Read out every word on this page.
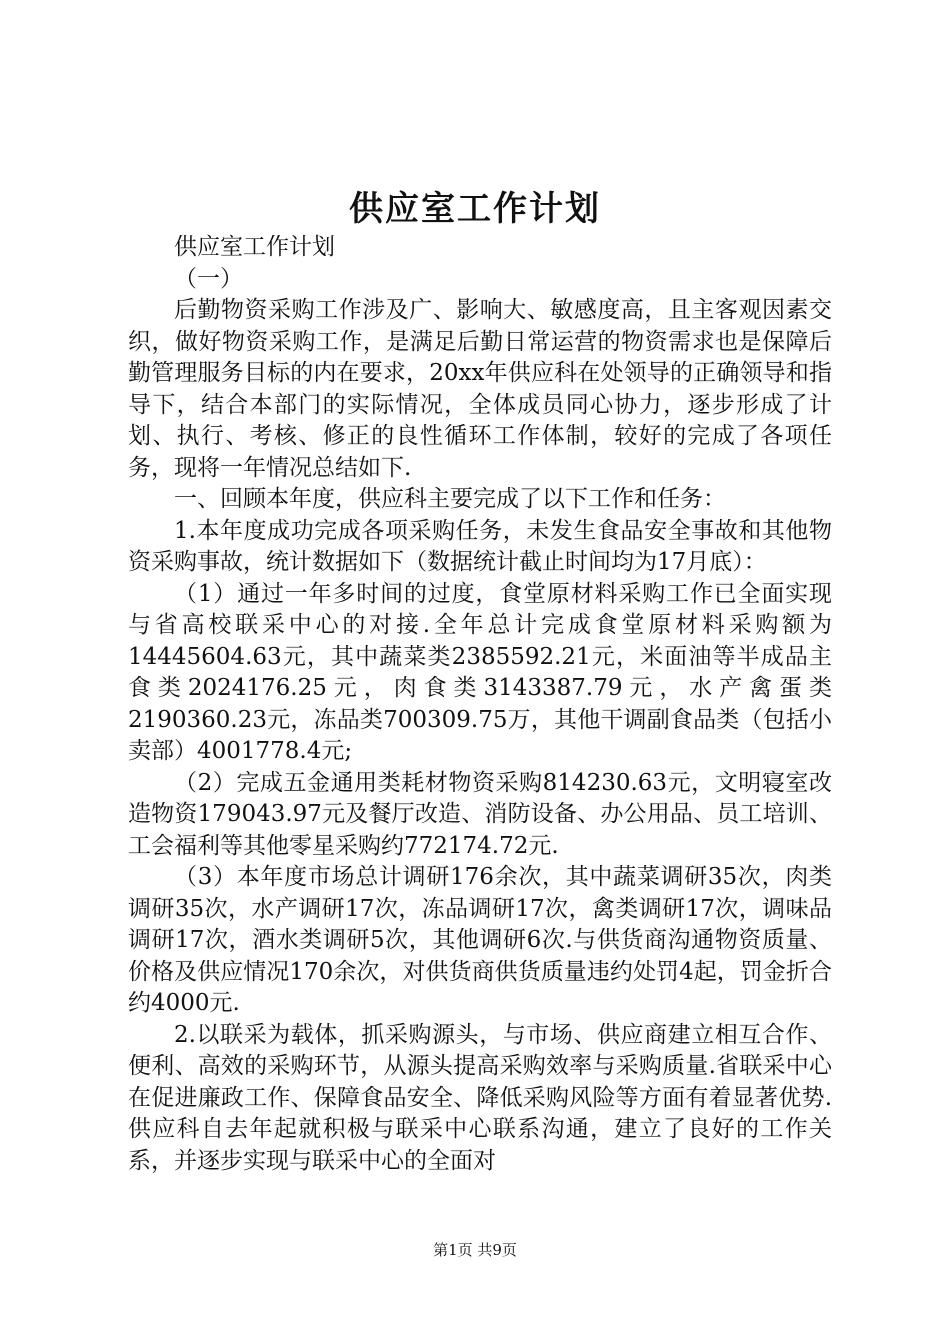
供应室工作计划

供应室工作计划

（一）

后勤物资采购工作涉及广、影响大、敏感度高，且主客观因素交织，做好物资采购工作，是满足后勤日常运营的物资需求也是保障后勤管理服务目标的内在要求，20xx年供应科在处领导的正确领导和指导下，结合本部门的实际情况，全体成员同心协力，逐步形成了计划、执行、考核、修正的良性循环工作体制，较好的完成了各项任务，现将一年情况总结如下.

一、回顾本年度，供应科主要完成了以下工作和任务：

1.本年度成功完成各项采购任务，未发生食品安全事故和其他物资采购事故，统计数据如下（数据统计截止时间均为17月底）：

（1）通过一年多时间的过度，食堂原材料采购工作已全面实现与省高校联采中心的对接.全年总计完成食堂原材料采购额为14445604.63元，其中蔬菜类2385592.21元，米面油等半成品主食类2024176.25元，肉食类3143387.79元，水产禽蛋类2190360.23元，冻品类700309.75万，其他干调副食品类（包括小卖部）4001778.4元;

（2）完成五金通用类耗材物资采购814230.63元，文明寝室改造物资179043.97元及餐厅改造、消防设备、办公用品、员工培训、工会福利等其他零星采购约772174.72元.

（3）本年度市场总计调研176余次，其中蔬菜调研35次，肉类调研35次，水产调研17次，冻品调研17次，禽类调研17次，调味品调研17次，酒水类调研5次，其他调研6次.与供货商沟通物资质量、价格及供应情况170余次，对供货商供货质量违约处罚4起，罚金折合约4000元.

2.以联采为载体，抓采购源头，与市场、供应商建立相互合作、便利、高效的采购环节，从源头提高采购效率与采购质量.省联采中心在促进廉政工作、保障食品安全、降低采购风险等方面有着显著优势.供应科自去年起就积极与联采中心联系沟通，建立了良好的工作关系，并逐步实现与联采中心的全面对

第1页 共9页
